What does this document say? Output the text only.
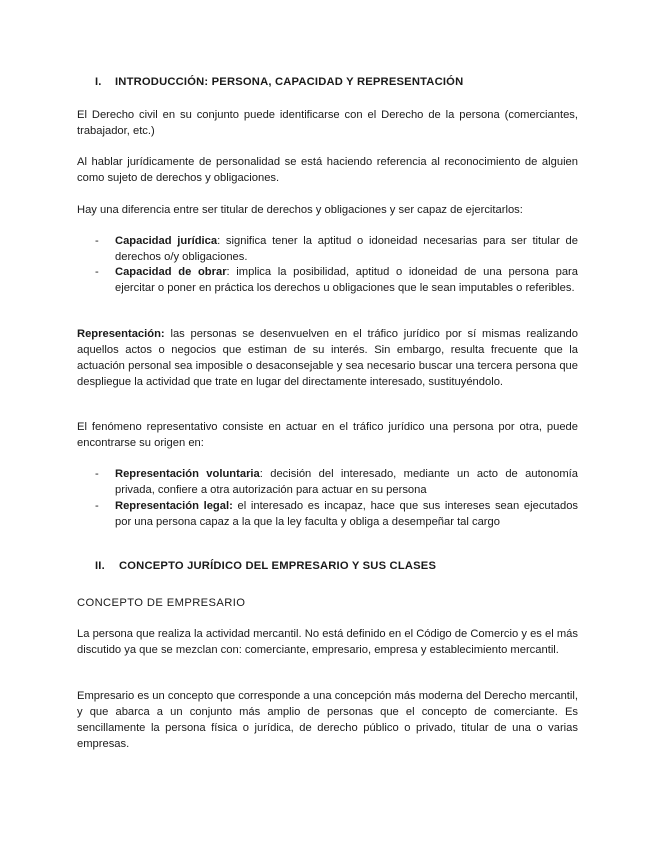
I. INTRODUCCIÓN: PERSONA, CAPACIDAD Y REPRESENTACIÓN

El Derecho civil en su conjunto puede identificarse con el Derecho de la persona (comerciantes, trabajador, etc.)

Al hablar jurídicamente de personalidad se está haciendo referencia al reconocimiento de alguien como sujeto de derechos y obligaciones.

Hay una diferencia entre ser titular de derechos y obligaciones y ser capaz de ejercitarlos:

- Capacidad jurídica: significa tener la aptitud o idoneidad necesarias para ser titular de derechos o/y obligaciones.
- Capacidad de obrar: implica la posibilidad, aptitud o idoneidad de una persona para ejercitar o poner en práctica los derechos u obligaciones que le sean imputables o referibles.

Representación: las personas se desenvuelven en el tráfico jurídico por sí mismas realizando aquellos actos o negocios que estiman de su interés. Sin embargo, resulta frecuente que la actuación personal sea imposible o desaconsejable y sea necesario buscar una tercera persona que despliegue la actividad que trate en lugar del directamente interesado, sustituyéndolo.

El fenómeno representativo consiste en actuar en el tráfico jurídico una persona por otra, puede encontrarse su origen en:

- Representación voluntaria: decisión del interesado, mediante un acto de autonomía privada, confiere a otra autorización para actuar en su persona
- Representación legal: el interesado es incapaz, hace que sus intereses sean ejecutados por una persona capaz a la que la ley faculta y obliga a desempeñar tal cargo
II. CONCEPTO JURÍDICO DEL EMPRESARIO Y SUS CLASES

CONCEPTO DE EMPRESARIO

La persona que realiza la actividad mercantil. No está definido en el Código de Comercio y es el más discutido ya que se mezclan con: comerciante, empresario, empresa y establecimiento mercantil.

Empresario es un concepto que corresponde a una concepción más moderna del Derecho mercantil, y que abarca a un conjunto más amplio de personas que el concepto de comerciante. Es sencillamente la persona física o jurídica, de derecho público o privado, titular de una o varias empresas.
